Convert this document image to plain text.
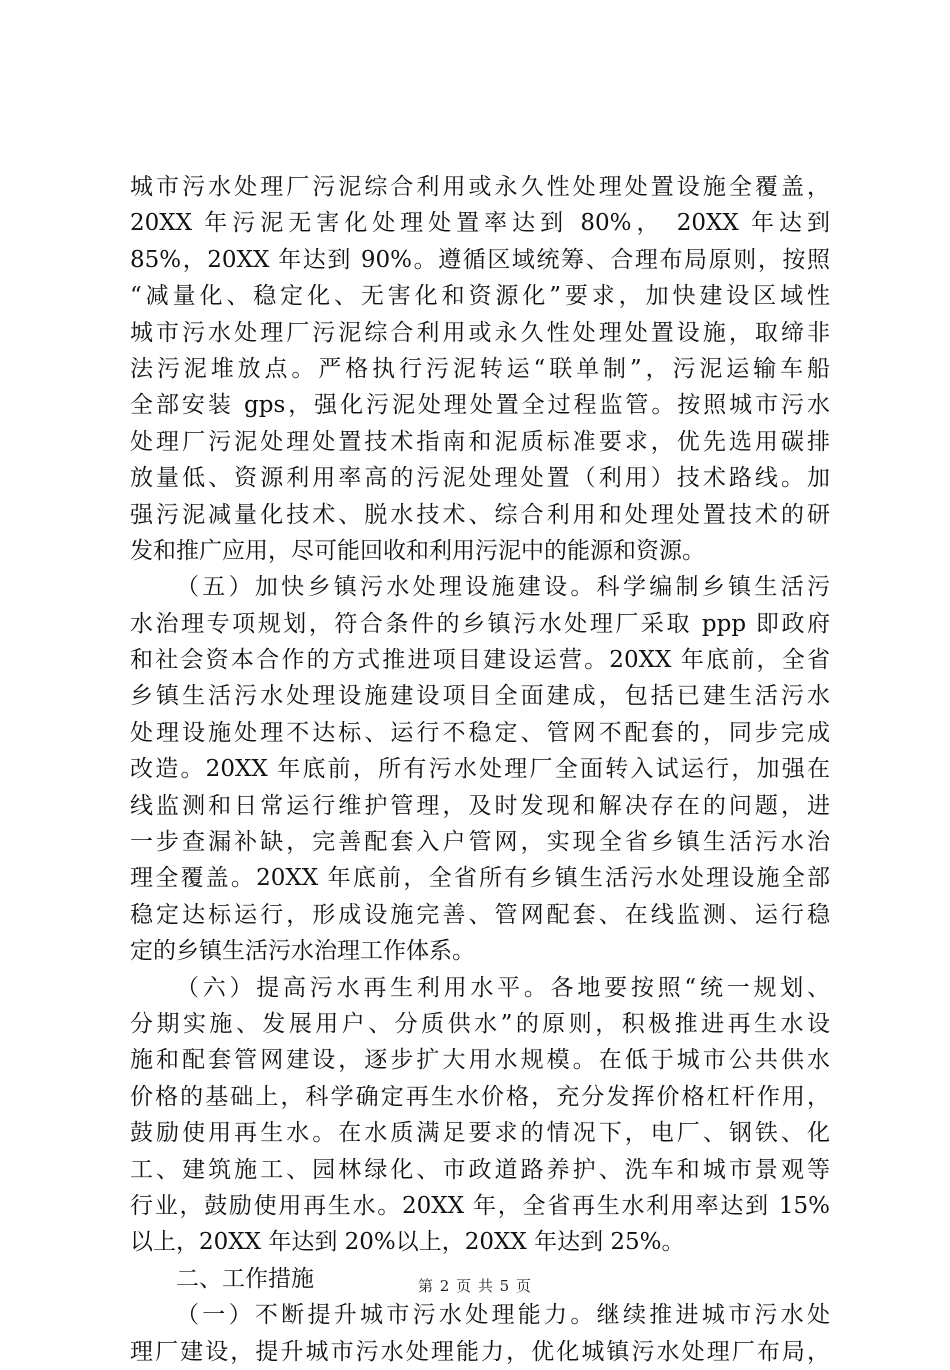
城市污水处理厂污泥综合利用或永久性处理处置设施全覆盖，
20XX 年污泥无害化处理处置率达到 80%， 20XX 年达到
85%，20XX 年达到 90%。遵循区域统筹、合理布局原则，按照
“减量化、稳定化、无害化和资源化”要求，加快建设区域性
城市污水处理厂污泥综合利用或永久性处理处置设施，取缔非
法污泥堆放点。严格执行污泥转运“联单制”，污泥运输车船
全部安装 gps，强化污泥处理处置全过程监管。按照城市污水
处理厂污泥处理处置技术指南和泥质标准要求，优先选用碳排
放量低、资源利用率高的污泥处理处置（利用）技术路线。加
强污泥减量化技术、脱水技术、综合利用和处理处置技术的研
发和推广应用，尽可能回收和利用污泥中的能源和资源。
（五）加快乡镇污水处理设施建设。科学编制乡镇生活污
水治理专项规划，符合条件的乡镇污水处理厂采取 ppp 即政府
和社会资本合作的方式推进项目建设运营。20XX 年底前，全省
乡镇生活污水处理设施建设项目全面建成，包括已建生活污水
处理设施处理不达标、运行不稳定、管网不配套的，同步完成
改造。20XX 年底前，所有污水处理厂全面转入试运行，加强在
线监测和日常运行维护管理，及时发现和解决存在的问题，进
一步查漏补缺，完善配套入户管网，实现全省乡镇生活污水治
理全覆盖。20XX 年底前，全省所有乡镇生活污水处理设施全部
稳定达标运行，形成设施完善、管网配套、在线监测、运行稳
定的乡镇生活污水治理工作体系。
（六）提高污水再生利用水平。各地要按照“统一规划、
分期实施、发展用户、分质供水”的原则，积极推进再生水设
施和配套管网建设，逐步扩大用水规模。在低于城市公共供水
价格的基础上，科学确定再生水价格，充分发挥价格杠杆作用，
鼓励使用再生水。在水质满足要求的情况下，电厂、钢铁、化
工、建筑施工、园林绿化、市政道路养护、洗车和城市景观等
行业，鼓励使用再生水。20XX 年，全省再生水利用率达到 15%
以上，20XX 年达到 20%以上，20XX 年达到 25%。
二、工作措施
（一）不断提升城市污水处理能力。继续推进城市污水处
理厂建设，提升城市污水处理能力，优化城镇污水处理厂布局，
第 2 页 共 5 页
